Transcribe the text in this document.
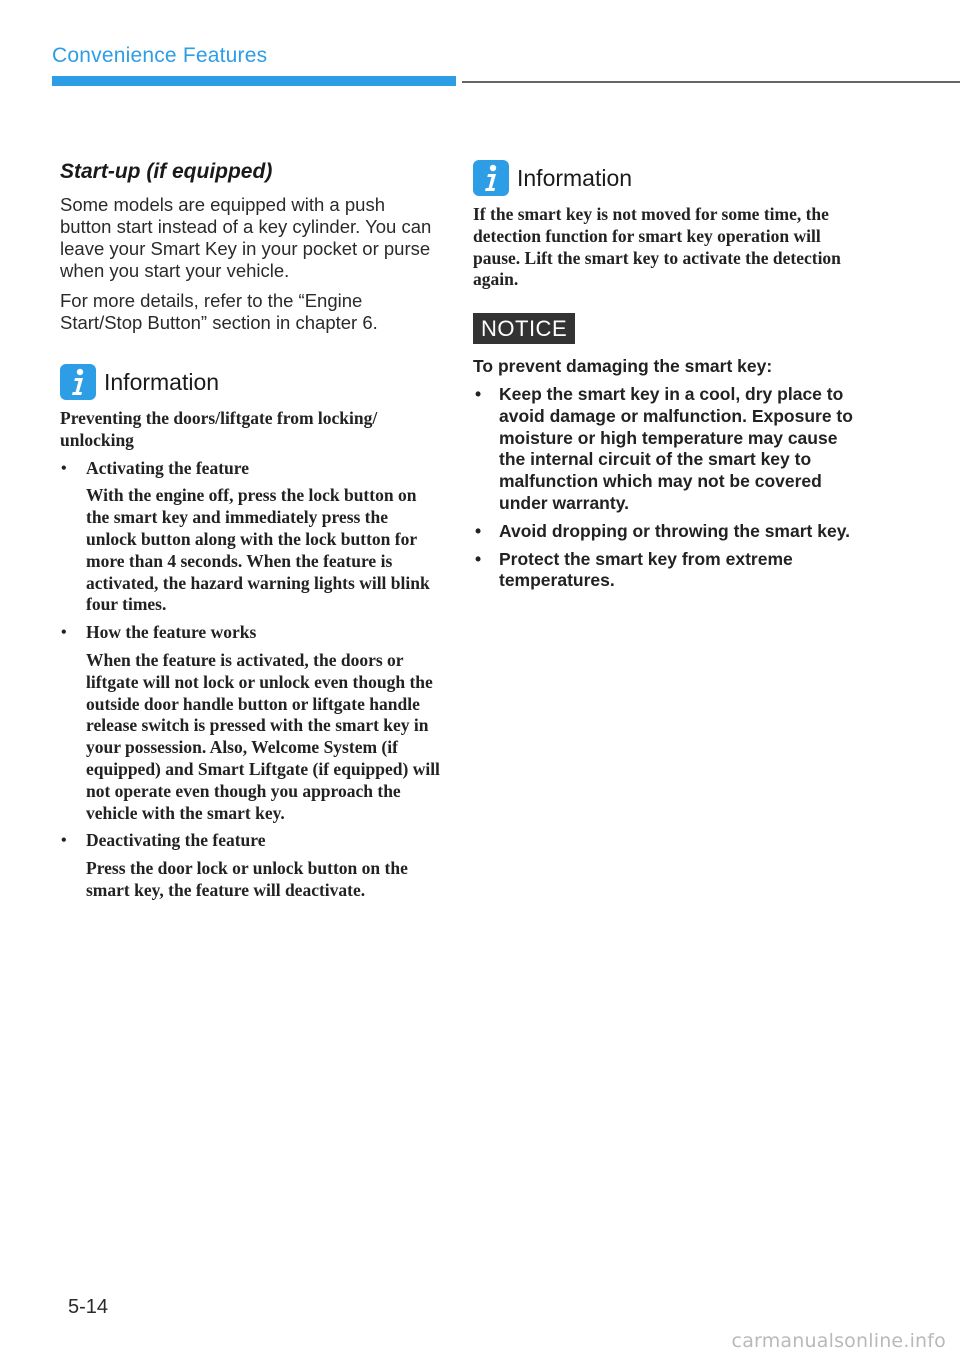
Convenience Features
Start-up (if equipped)

Some models are equipped with a push button start instead of a key cylinder. You can leave your Smart Key in your pocket or purse when you start your vehicle.

For more details, refer to the “Engine Start/Stop Button” section in chapter 6.

Information

Preventing the doors/liftgate from locking/ unlocking

• Activating the feature
With the engine off, press the lock button on the smart key and immediately press the unlock button along with the lock button for more than 4 seconds. When the feature is activated, the hazard warning lights will blink four times.
• How the feature works
When the feature is activated, the doors or liftgate will not lock or unlock even though the outside door handle button or liftgate handle release switch is pressed with the smart key in your possession. Also, Welcome System (if equipped) and Smart Liftgate (if equipped) will not operate even though you approach the vehicle with the smart key.
• Deactivating the feature
Press the door lock or unlock button on the smart key, the feature will deactivate.
Information

If the smart key is not moved for some time, the detection function for smart key operation will pause. Lift the smart key to activate the detection again.

NOTICE

To prevent damaging the smart key:

• Keep the smart key in a cool, dry place to avoid damage or malfunction. Exposure to moisture or high temperature may cause the internal circuit of the smart key to malfunction which may not be covered under warranty.
• Avoid dropping or throwing the smart key.
• Protect the smart key from extreme temperatures.
5-14
carmanualsonline.info
